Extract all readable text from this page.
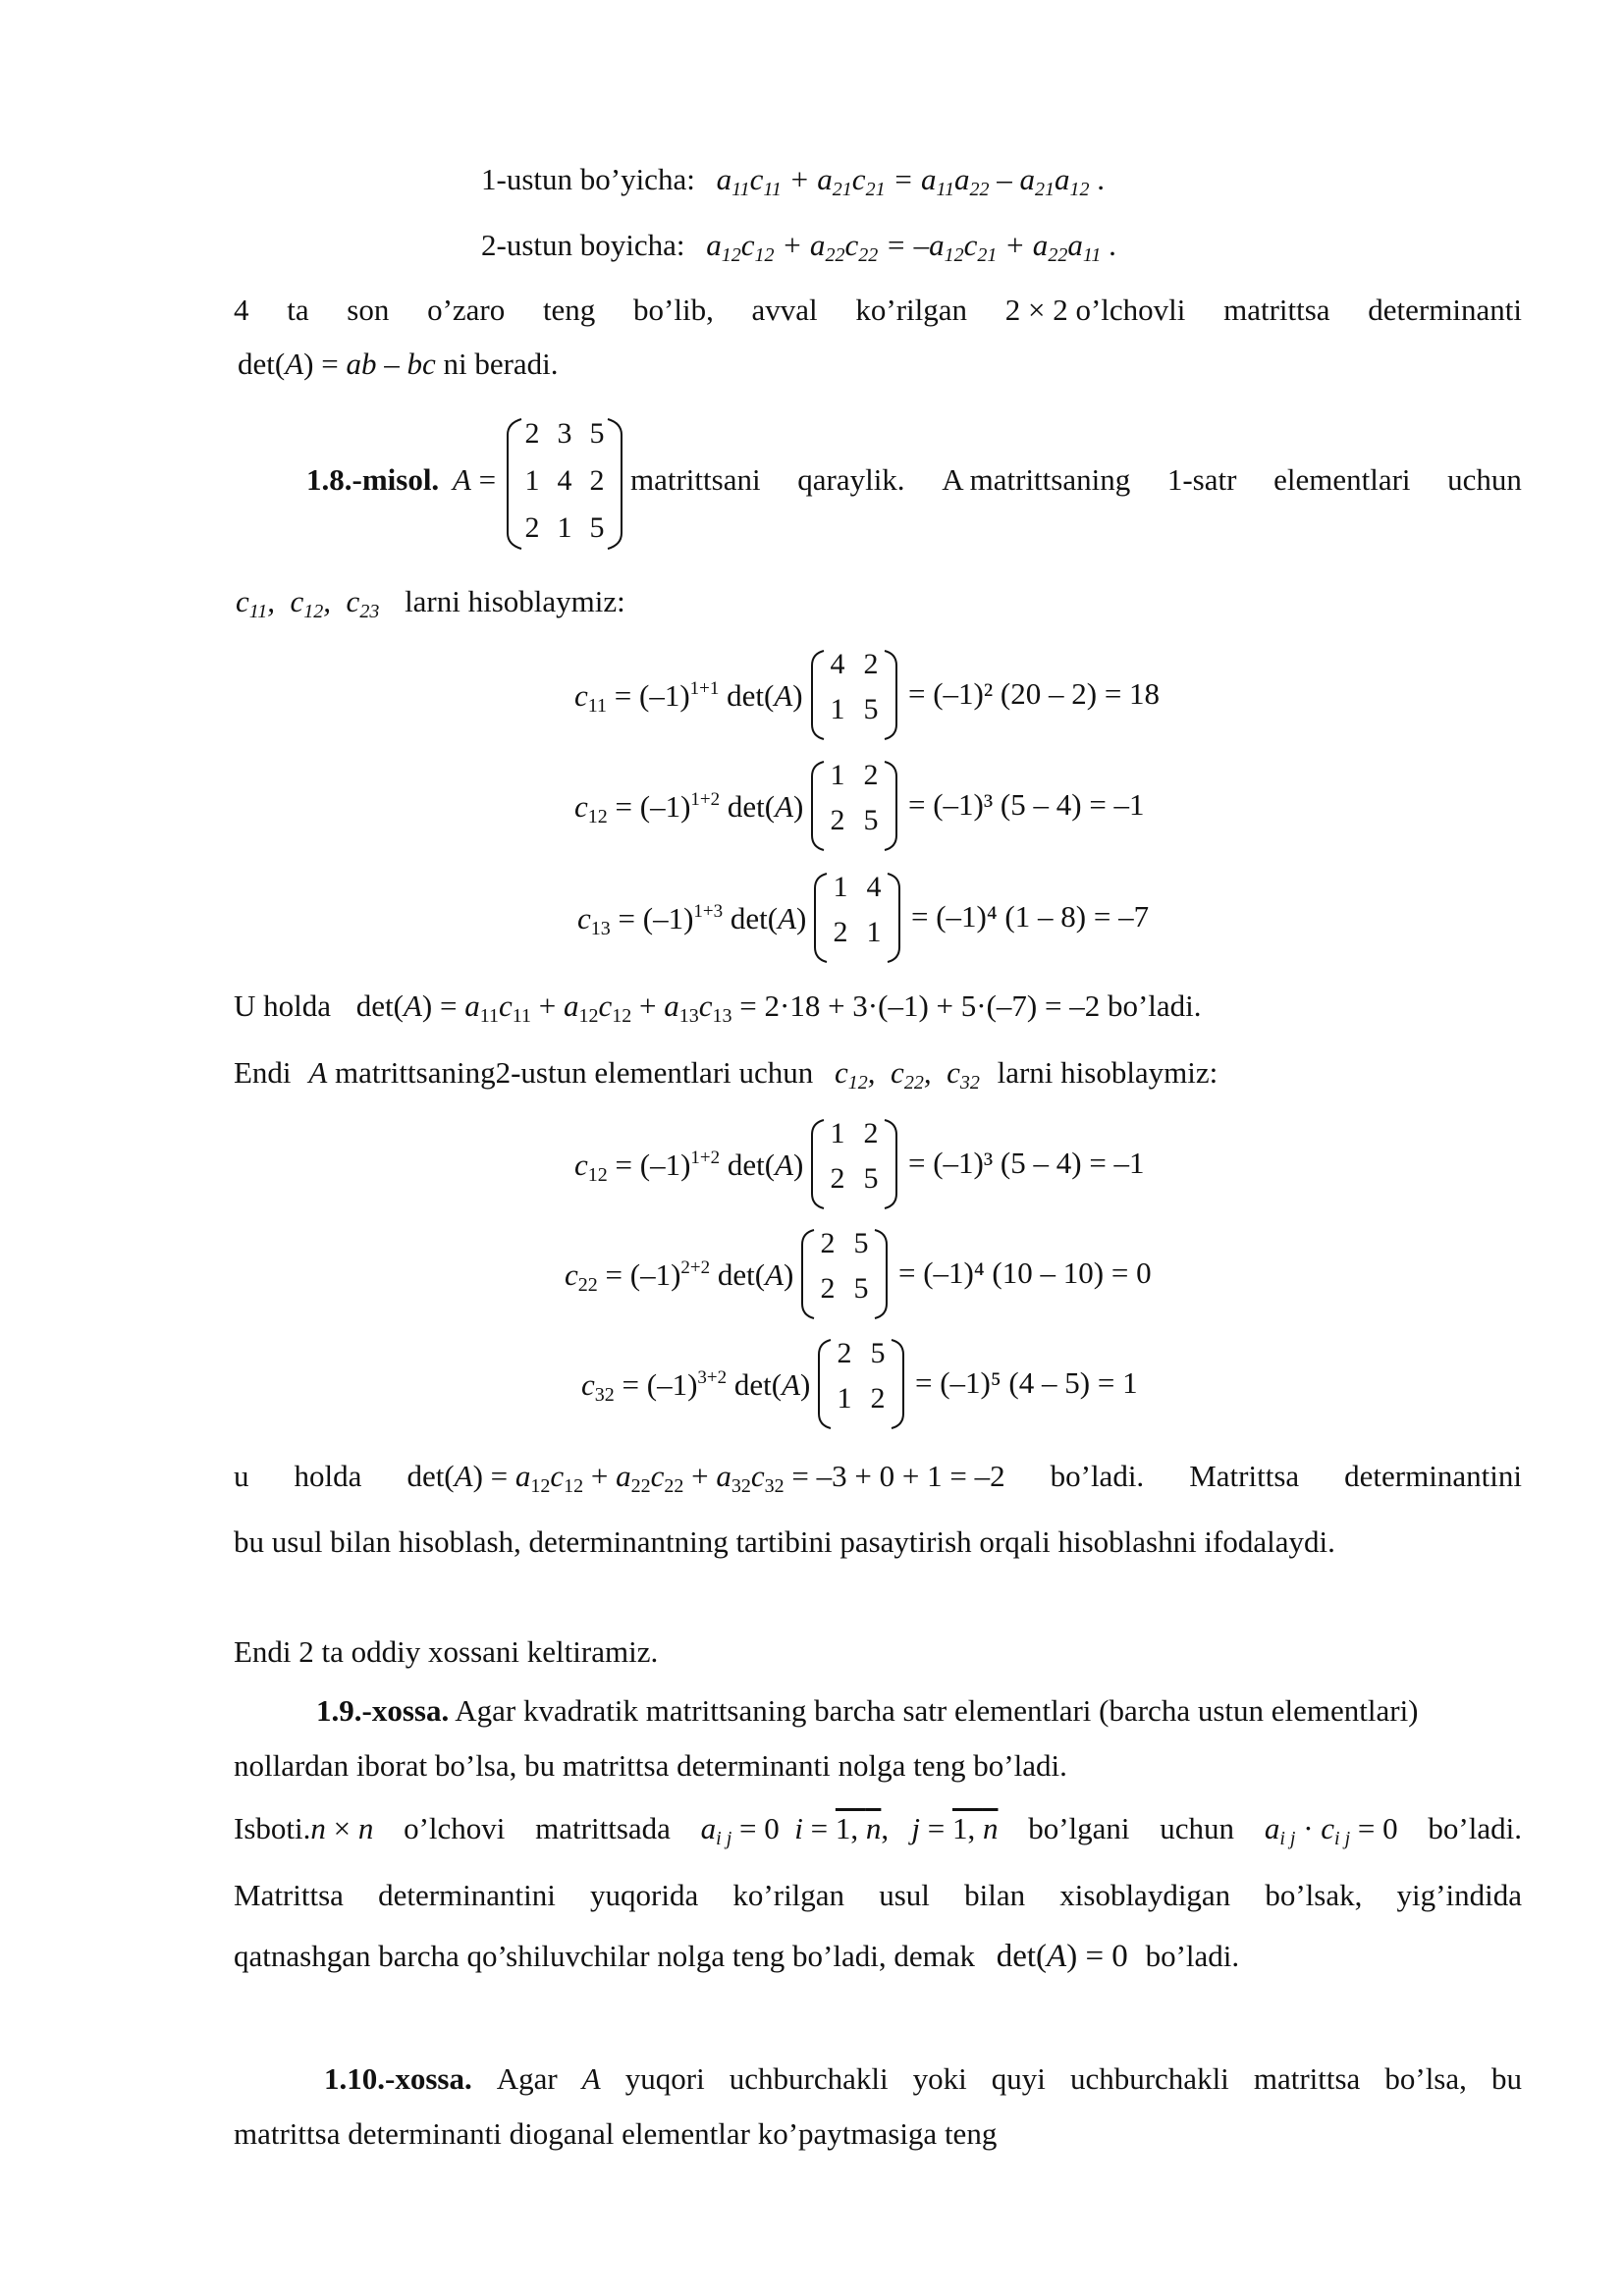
1-ustun bo’yicha: $a_{11}c_{11} + a_{21}c_{21} = a_{11}a_{22} - a_{21}a_{12}$ .
2-ustun boyicha: $a_{12}c_{12} + a_{22}c_{22} = -a_{12}c_{21} + a_{22}a_{11}$ .
4 ta son o’zaro teng bo’lib, avval ko’rilgan 2 × 2 o’lchovli matrittsa determinanti
det(A) = ab – bc ni beradi.
1.8.-misol. A =
2 3 5
1 4 2
2 1 5
matrittsani qaraylik. A matrittsaning 1-satr elementlari uchun
$c_{11}$,  $c_{12}$,  $c_{23}$ larni hisoblaymiz:
$c_{11} = (-1)^{1+1}$ det(A)
4 2
1 5 = (–1)² (20 – 2) = 18
$c_{12} = (-1)^{1+2}$ det(A)
1 2
2 5 = (–1)³ (5 – 4) = –1
$c_{13} = (-1)^{1+3}$ det(A)
1 4
2 1 = (–1)⁴ (1 – 8) = –7
$c_{12} = (-1)^{1+2}$ det(A)
1 2
2 5 = (–1)³ (5 – 4) = –1
$c_{22} = (-1)^{2+2}$ det(A)
2 5
2 5 = (–1)⁴ (10 – 10) = 0
$c_{32} = (-1)^{3+2}$ det(A)
2 5
1 2 = (–1)⁵ (4 – 5) = 1
U holda $\det(A) = a_{11}c_{11} + a_{12}c_{12} + a_{13}c_{13} = 2\cdot 18 + 3\cdot(-1) + 5\cdot(-7) = -2$ bo’ladi.
Endi A matrittsaning2-ustun elementlari uchun $c_{12}$,  $c_{22}$,  $c_{32}$ larni hisoblaymiz:
u holda $\det(A) = a_{12}c_{12} + a_{22}c_{22} + a_{32}c_{32} = -3 + 0 + 1 = -2$ bo’ladi. Matrittsa determinantini
bu usul bilan hisoblash, determinantning tartibini pasaytirish orqali hisoblashni ifodalaydi.
Endi 2 ta oddiy xossani keltiramiz.
1.9.-xossa. Agar kvadratik matrittsaning barcha satr elementlari (barcha ustun elementlari)
nollardan iborat bo’lsa, bu matrittsa determinanti nolga teng bo’ladi.
Isboti.n × n o’lchovi matrittsada $a_{i j} = 0$  i = 1, n,   j = 1, n bo’lgani uchun $a_{i j} \cdot c_{i j} = 0$ bo’ladi.
Matrittsa determinantini yuqorida ko’rilgan usul bilan xisoblaydigan bo’lsak, yig’indida
qatnashgan barcha qo’shiluvchilar nolga teng bo’ladi, demak det(A) = 0 bo’ladi.
1.10.-xossa. Agar A yuqori uchburchakli yoki quyi uchburchakli matrittsa bo’lsa, bu
matrittsa determinanti dioganal elementlar ko’paytmasiga teng
